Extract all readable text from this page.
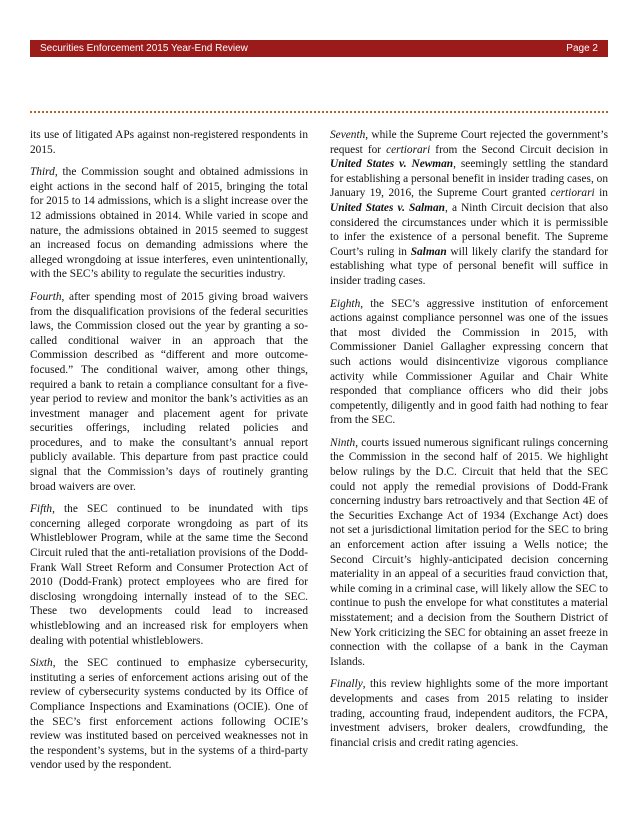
Securities Enforcement 2015 Year-End Review	Page 2

its use of litigated APs against non-registered respondents in 2015.

Third, the Commission sought and obtained admissions in eight actions in the second half of 2015, bringing the total for 2015 to 14 admissions, which is a slight increase over the 12 admissions obtained in 2014. While varied in scope and nature, the admissions obtained in 2015 seemed to suggest an increased focus on demanding admissions where the alleged wrongdoing at issue interferes, even unintentionally, with the SEC’s ability to regulate the securities industry.

Fourth, after spending most of 2015 giving broad waivers from the disqualification provisions of the federal securities laws, the Commission closed out the year by granting a so-called conditional waiver in an approach that the Commission described as “different and more outcome-focused.” The conditional waiver, among other things, required a bank to retain a compliance consultant for a five-year period to review and monitor the bank’s activities as an investment manager and placement agent for private securities offerings, including related policies and procedures, and to make the consultant’s annual report publicly available. This departure from past practice could signal that the Commission’s days of routinely granting broad waivers are over.

Fifth, the SEC continued to be inundated with tips concerning alleged corporate wrongdoing as part of its Whistleblower Program, while at the same time the Second Circuit ruled that the anti-retaliation provisions of the Dodd-Frank Wall Street Reform and Consumer Protection Act of 2010 (Dodd-Frank) protect employees who are fired for disclosing wrongdoing internally instead of to the SEC. These two developments could lead to increased whistleblowing and an increased risk for employers when dealing with potential whistleblowers.

Sixth, the SEC continued to emphasize cybersecurity, instituting a series of enforcement actions arising out of the review of cybersecurity systems conducted by its Office of Compliance Inspections and Examinations (OCIE). One of the SEC’s first enforcement actions following OCIE’s review was instituted based on perceived weaknesses not in the respondent’s systems, but in the systems of a third-party vendor used by the respondent.

Seventh, while the Supreme Court rejected the government’s request for certiorari from the Second Circuit decision in United States v. Newman, seemingly settling the standard for establishing a personal benefit in insider trading cases, on January 19, 2016, the Supreme Court granted certiorari in United States v. Salman, a Ninth Circuit decision that also considered the circumstances under which it is permissible to infer the existence of a personal benefit. The Supreme Court’s ruling in Salman will likely clarify the standard for establishing what type of personal benefit will suffice in insider trading cases.

Eighth, the SEC’s aggressive institution of enforcement actions against compliance personnel was one of the issues that most divided the Commission in 2015, with Commissioner Daniel Gallagher expressing concern that such actions would disincentivize vigorous compliance activity while Commissioner Aguilar and Chair White responded that compliance officers who did their jobs competently, diligently and in good faith had nothing to fear from the SEC.

Ninth, courts issued numerous significant rulings concerning the Commission in the second half of 2015. We highlight below rulings by the D.C. Circuit that held that the SEC could not apply the remedial provisions of Dodd-Frank concerning industry bars retroactively and that Section 4E of the Securities Exchange Act of 1934 (Exchange Act) does not set a jurisdictional limitation period for the SEC to bring an enforcement action after issuing a Wells notice; the Second Circuit’s highly-anticipated decision concerning materiality in an appeal of a securities fraud conviction that, while coming in a criminal case, will likely allow the SEC to continue to push the envelope for what constitutes a material misstatement; and a decision from the Southern District of New York criticizing the SEC for obtaining an asset freeze in connection with the collapse of a bank in the Cayman Islands.

Finally, this review highlights some of the more important developments and cases from 2015 relating to insider trading, accounting fraud, independent auditors, the FCPA, investment advisers, broker dealers, crowdfunding, the financial crisis and credit rating agencies.
